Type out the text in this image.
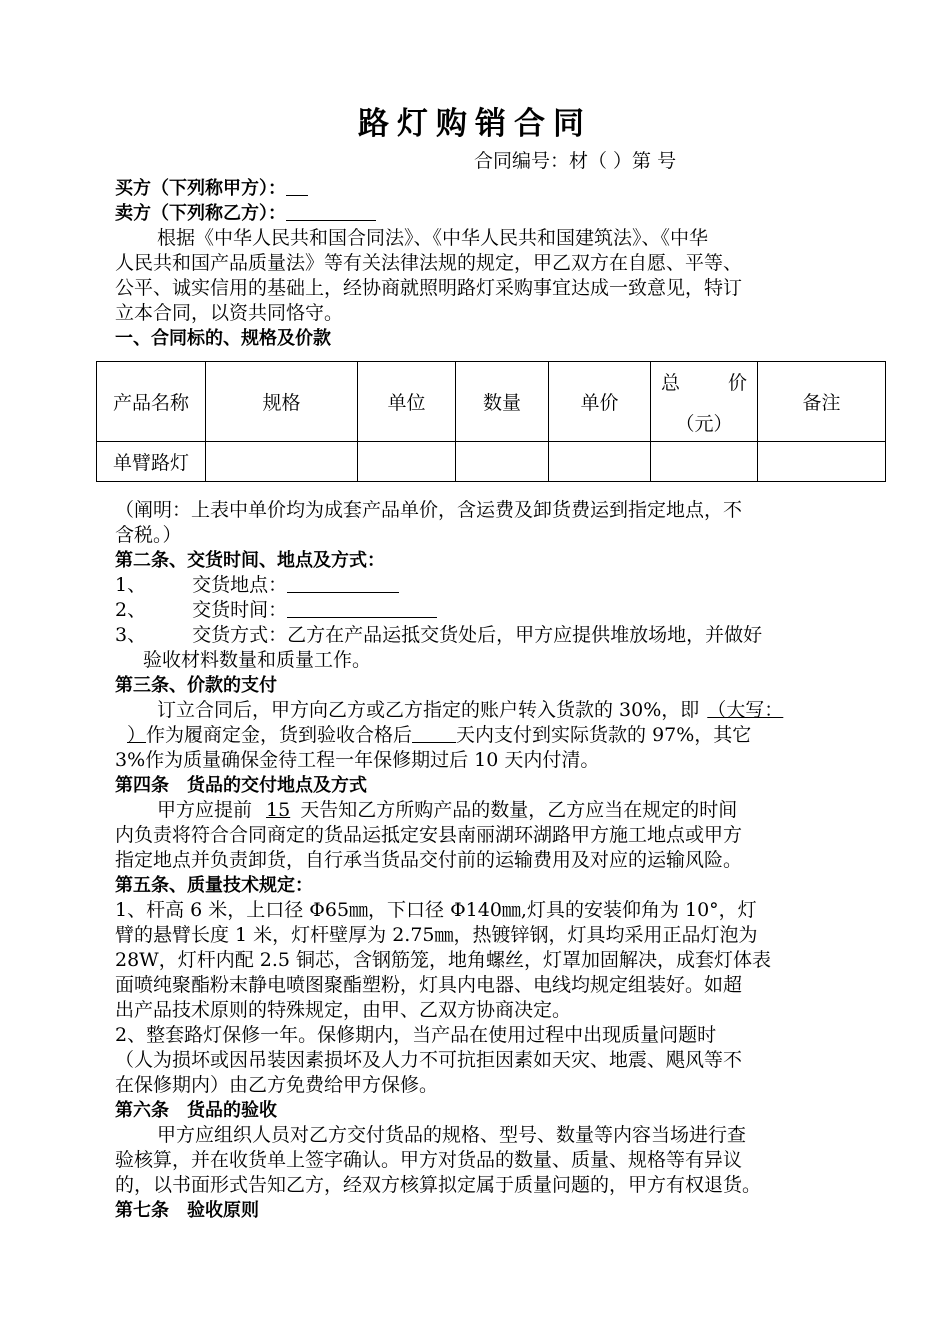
路灯购销合同
合同编号：材（ ）第 号
买方（下列称甲方）：
卖方（下列称乙方）：
根据《中华人民共和国合同法》、《中华人民共和国建筑法》、《中华
人民共和国产品质量法》等有关法律法规的规定，甲乙双方在自愿、平等、
公平、诚实信用的基础上，经协商就照明路灯采购事宜达成一致意见，特订
立本合同，以资共同恪守。
一、合同标的、规格及价款
产品名称	规格	单位	数量	单价	总 价
（元）	备注
单臂路灯						
（阐明：上表中单价均为成套产品单价，含运费及卸货费运到指定地点，不
含税。）
第二条、交货时间、地点及方式：
1、 交货地点：
2、 交货时间：
3、 交货方式：乙方在产品运抵交货处后，甲方应提供堆放场地，并做好
验收材料数量和质量工作。
第三条、价款的支付
订立合同后，甲方向乙方或乙方指定的账户转入货款的 30%，即 （大写：
）作为履商定金，货到验收合格后 天内支付到实际货款的 97%，其它
3%作为质量确保金待工程一年保修期过后 10 天内付清。
第四条　货品的交付地点及方式
甲方应提前 15 天告知乙方所购产品的数量，乙方应当在规定的时间
内负责将符合合同商定的货品运抵定安县南丽湖环湖路甲方施工地点或甲方
指定地点并负责卸货，自行承当货品交付前的运输费用及对应的运输风险。
第五条、质量技术规定：
1、杆高 6 米，上口径 Φ65㎜，下口径 Φ140㎜,灯具的安装仰角为 10°，灯
臂的悬臂长度 1 米，灯杆壁厚为 2.75㎜，热镀锌钢，灯具均采用正品灯泡为
28W，灯杆内配 2.5 铜芯，含钢筋笼，地角螺丝，灯罩加固解决，成套灯体表
面喷纯聚酯粉末静电喷图聚酯塑粉，灯具内电器、电线均规定组装好。如超
出产品技术原则的特殊规定，由甲、乙双方协商决定。
2、整套路灯保修一年。保修期内，当产品在使用过程中出现质量问题时
（人为损坏或因吊装因素损坏及人力不可抗拒因素如天灾、地震、飓风等不
在保修期内）由乙方免费给甲方保修。
第六条　货品的验收
甲方应组织人员对乙方交付货品的规格、型号、数量等内容当场进行查
验核算，并在收货单上签字确认。甲方对货品的数量、质量、规格等有异议
的，以书面形式告知乙方，经双方核算拟定属于质量问题的，甲方有权退货。
第七条　验收原则
